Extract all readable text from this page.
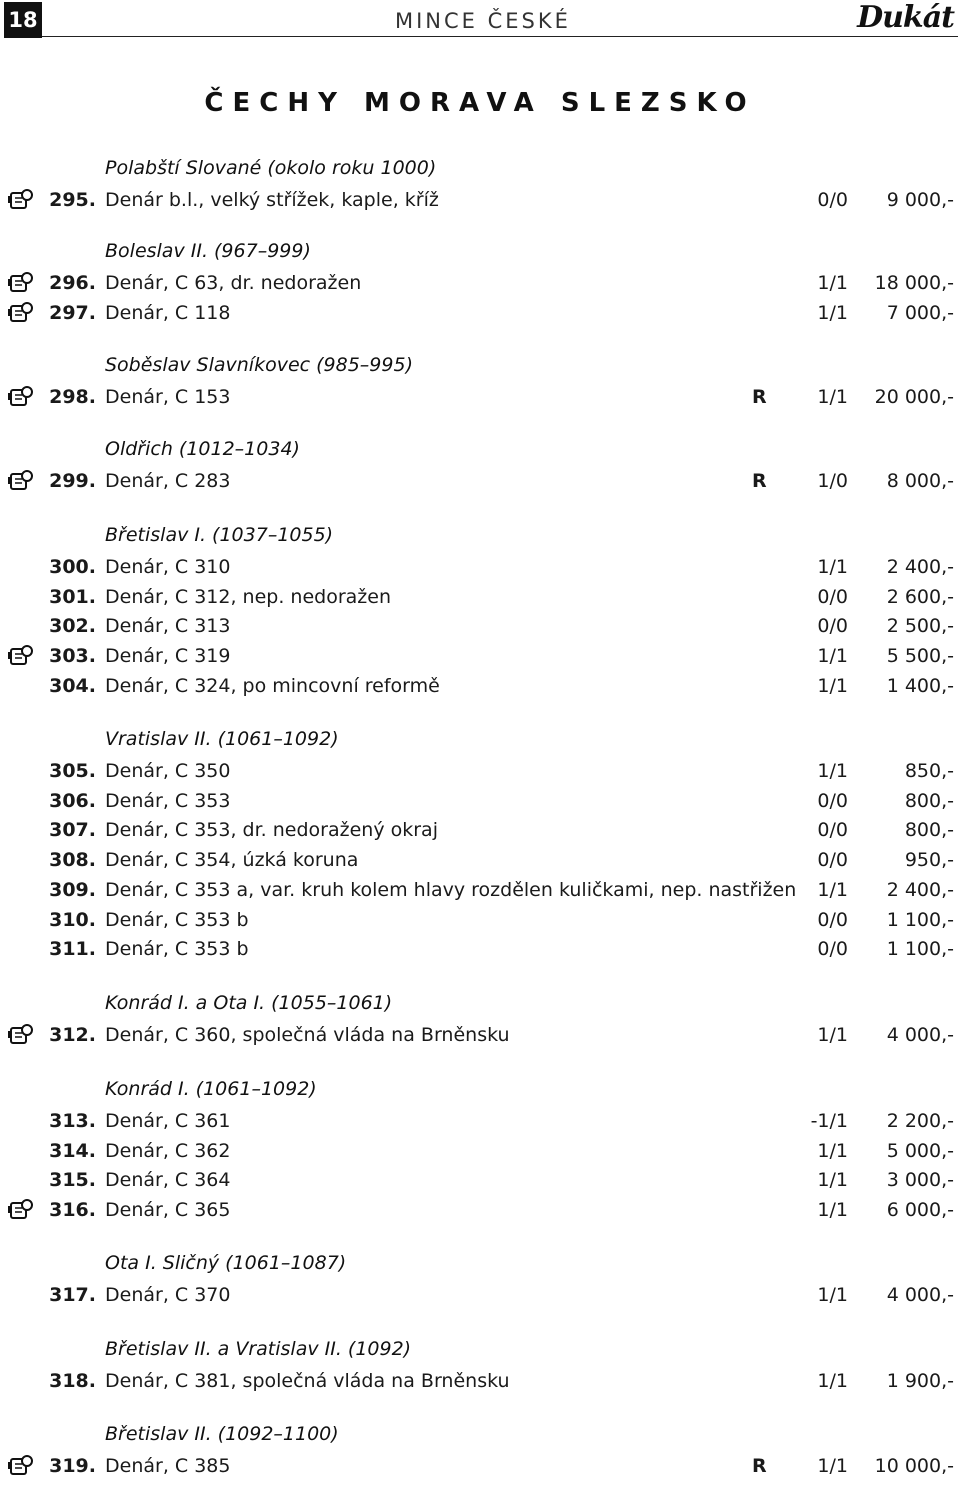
18	MINCE ČESKÉ	Dukát
ČECHY MORAVA SLEZSKO
Polabští Slované (okolo roku 1000)
295. Denár b.l., velký střížek, kaple, kříž	0/0	9 000,-
Boleslav II. (967–999)
296. Denár, C 63, dr. nedoražen	1/1	18 000,-
297. Denár, C 118	1/1	7 000,-
Soběslav Slavníkovec (985–995)
298. Denár, C 153	R	1/1	20 000,-
Oldřich (1012–1034)
299. Denár, C 283	R	1/0	8 000,-
Břetislav I. (1037–1055)
300. Denár, C 310	1/1	2 400,-
301. Denár, C 312, nep. nedoražen	0/0	2 600,-
302. Denár, C 313	0/0	2 500,-
303. Denár, C 319	1/1	5 500,-
304. Denár, C 324, po mincovní reformě	1/1	1 400,-
Vratislav II. (1061–1092)
305. Denár, C 350	1/1	850,-
306. Denár, C 353	0/0	800,-
307. Denár, C 353, dr. nedoražený okraj	0/0	800,-
308. Denár, C 354, úzká koruna	0/0	950,-
309. Denár, C 353 a, var. kruh kolem hlavy rozdělen kuličkami, nep. nastřižen	1/1	2 400,-
310. Denár, C 353 b	0/0	1 100,-
311. Denár, C 353 b	0/0	1 100,-
Konrád I. a Ota I. (1055–1061)
312. Denár, C 360, společná vláda na Brněnsku	1/1	4 000,-
Konrád I. (1061–1092)
313. Denár, C 361	-1/1	2 200,-
314. Denár, C 362	1/1	5 000,-
315. Denár, C 364	1/1	3 000,-
316. Denár, C 365	1/1	6 000,-
Ota I. Sličný (1061–1087)
317. Denár, C 370	1/1	4 000,-
Břetislav II. a Vratislav II. (1092)
318. Denár, C 381, společná vláda na Brněnsku	1/1	1 900,-
Břetislav II. (1092–1100)
319. Denár, C 385	R	1/1	10 000,-
